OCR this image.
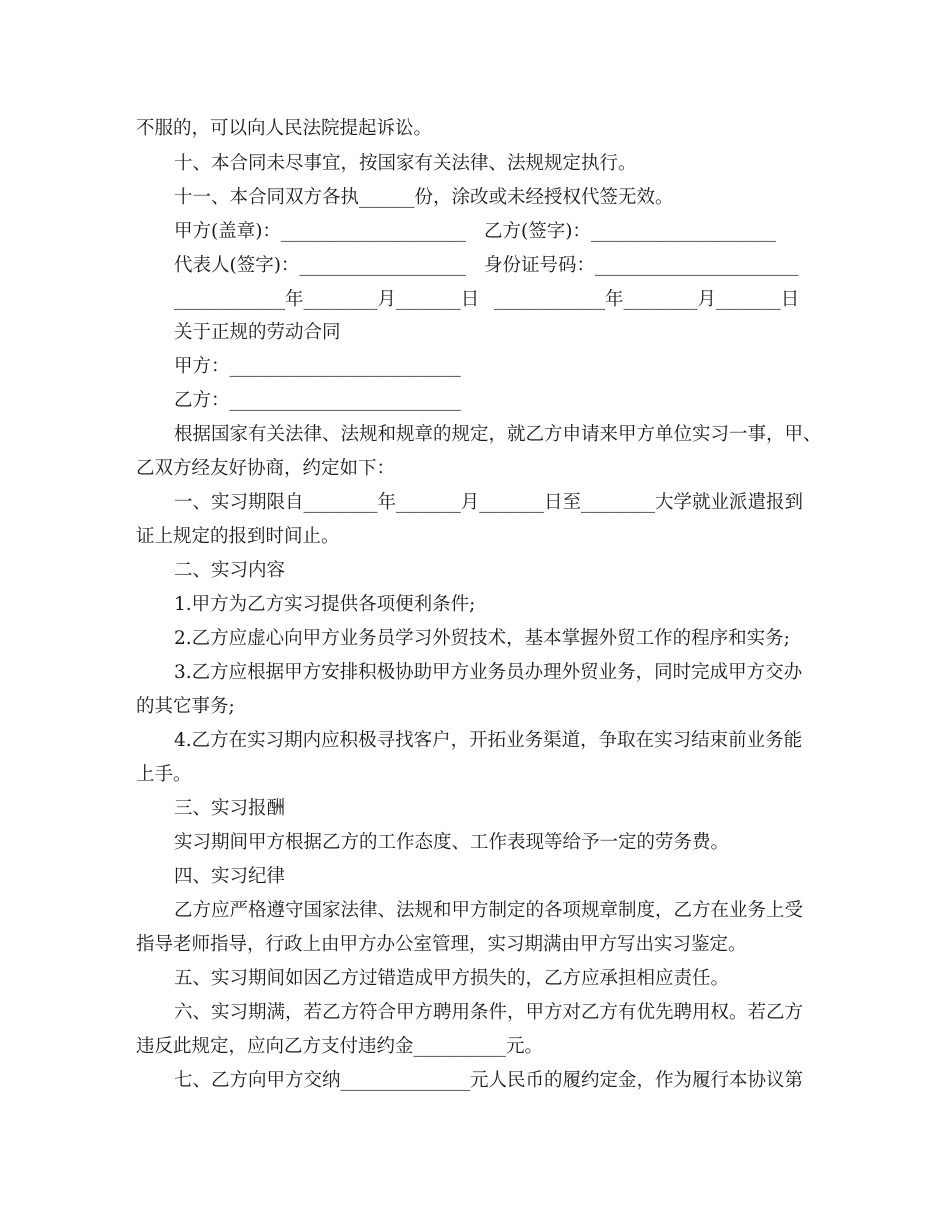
不服的，可以向人民法院提起诉讼。
十、本合同未尽事宜，按国家有关法律、法规规定执行。
十一、本合同双方各执______份，涂改或未经授权代签无效。
甲方(盖章)：____________________ 乙方(签字)：____________________
代表人(签字)：__________________ 身份证号码：______________________
____________年________月_______日 ____________年________月_______日
关于正规的劳动合同
甲方：_________________________
乙方：_________________________
根据国家有关法律、法规和规章的规定，就乙方申请来甲方单位实习一事，甲、
乙双方经友好协商，约定如下：
一、实习期限自________年_______月_______日至________大学就业派遣报到
证上规定的报到时间止。
二、实习内容
1.甲方为乙方实习提供各项便利条件;
2.乙方应虚心向甲方业务员学习外贸技术，基本掌握外贸工作的程序和实务;
3.乙方应根据甲方安排积极协助甲方业务员办理外贸业务，同时完成甲方交办
的其它事务;
4.乙方在实习期内应积极寻找客户，开拓业务渠道，争取在实习结束前业务能
上手。
三、实习报酬
实习期间甲方根据乙方的工作态度、工作表现等给予一定的劳务费。
四、实习纪律
乙方应严格遵守国家法律、法规和甲方制定的各项规章制度，乙方在业务上受
指导老师指导，行政上由甲方办公室管理，实习期满由甲方写出实习鉴定。
五、实习期间如因乙方过错造成甲方损失的，乙方应承担相应责任。
六、实习期满，若乙方符合甲方聘用条件，甲方对乙方有优先聘用权。若乙方
违反此规定，应向乙方支付违约金__________元。
七、乙方向甲方交纳______________元人民币的履约定金，作为履行本协议第
